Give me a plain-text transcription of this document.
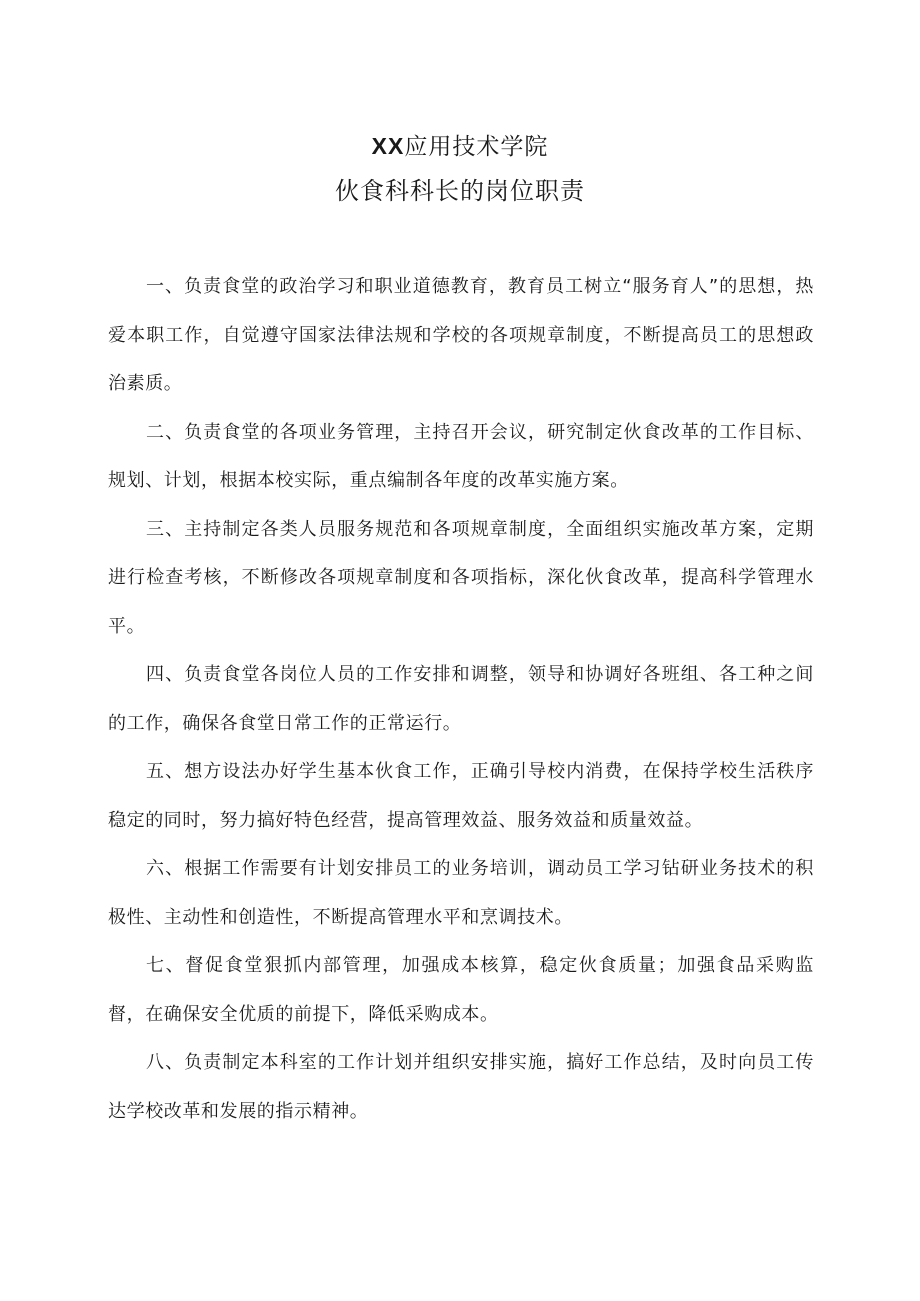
XX应用技术学院
伙食科科长的岗位职责

一、负责食堂的政治学习和职业道德教育，教育员工树立“服务育人”的思想，热爱本职工作，自觉遵守国家法律法规和学校的各项规章制度，不断提高员工的思想政治素质。

二、负责食堂的各项业务管理，主持召开会议，研究制定伙食改革的工作目标、规划、计划，根据本校实际，重点编制各年度的改革实施方案。

三、主持制定各类人员服务规范和各项规章制度，全面组织实施改革方案，定期进行检查考核，不断修改各项规章制度和各项指标，深化伙食改革，提高科学管理水平。

四、负责食堂各岗位人员的工作安排和调整，领导和协调好各班组、各工种之间的工作，确保各食堂日常工作的正常运行。

五、想方设法办好学生基本伙食工作，正确引导校内消费，在保持学校生活秩序稳定的同时，努力搞好特色经营，提高管理效益、服务效益和质量效益。

六、根据工作需要有计划安排员工的业务培训，调动员工学习钻研业务技术的积极性、主动性和创造性，不断提高管理水平和烹调技术。

七、督促食堂狠抓内部管理，加强成本核算，稳定伙食质量；加强食品采购监督，在确保安全优质的前提下，降低采购成本。

八、负责制定本科室的工作计划并组织安排实施，搞好工作总结，及时向员工传达学校改革和发展的指示精神。
